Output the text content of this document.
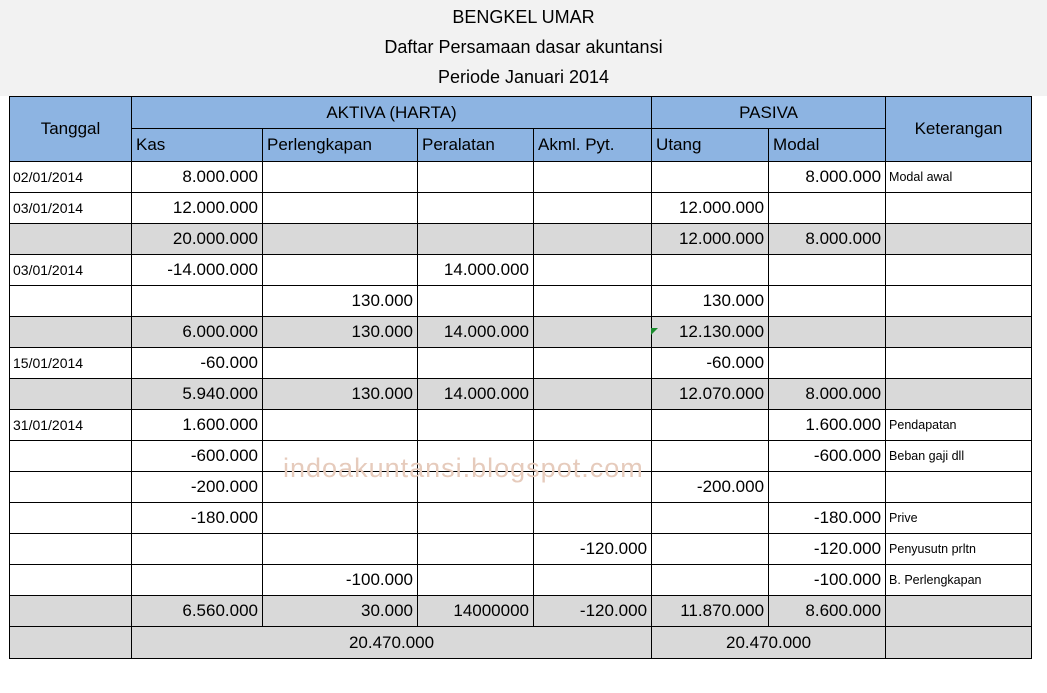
BENGKEL UMAR
Daftar Persamaan dasar akuntansi
Periode Januari 2014
Tanggal	AKTIVA (HARTA)				PASIVA		Keterangan
	Kas	Perlengkapan	Peralatan	Akml. Pyt.	Utang	Modal	
02/01/2014	8.000.000					8.000.000	Modal awal
03/01/2014	12.000.000				12.000.000		
	20.000.000				12.000.000	8.000.000	
03/01/2014	-14.000.000		14.000.000				
		130.000			130.000		
	6.000.000	130.000	14.000.000		12.130.000		
15/01/2014	-60.000				-60.000		
	5.940.000	130.000	14.000.000		12.070.000	8.000.000	
31/01/2014	1.600.000					1.600.000	Pendapatan
	-600.000					-600.000	Beban gaji dll
	-200.000				-200.000		
	-180.000					-180.000	Prive
				-120.000		-120.000	Penyusutn prltn
		-100.000				-100.000	B. Perlengkapan
	6.560.000	30.000	14000000	-120.000	11.870.000	8.600.000	
	20.470.000				20.470.000		
indoakuntansi.blogspot.com
